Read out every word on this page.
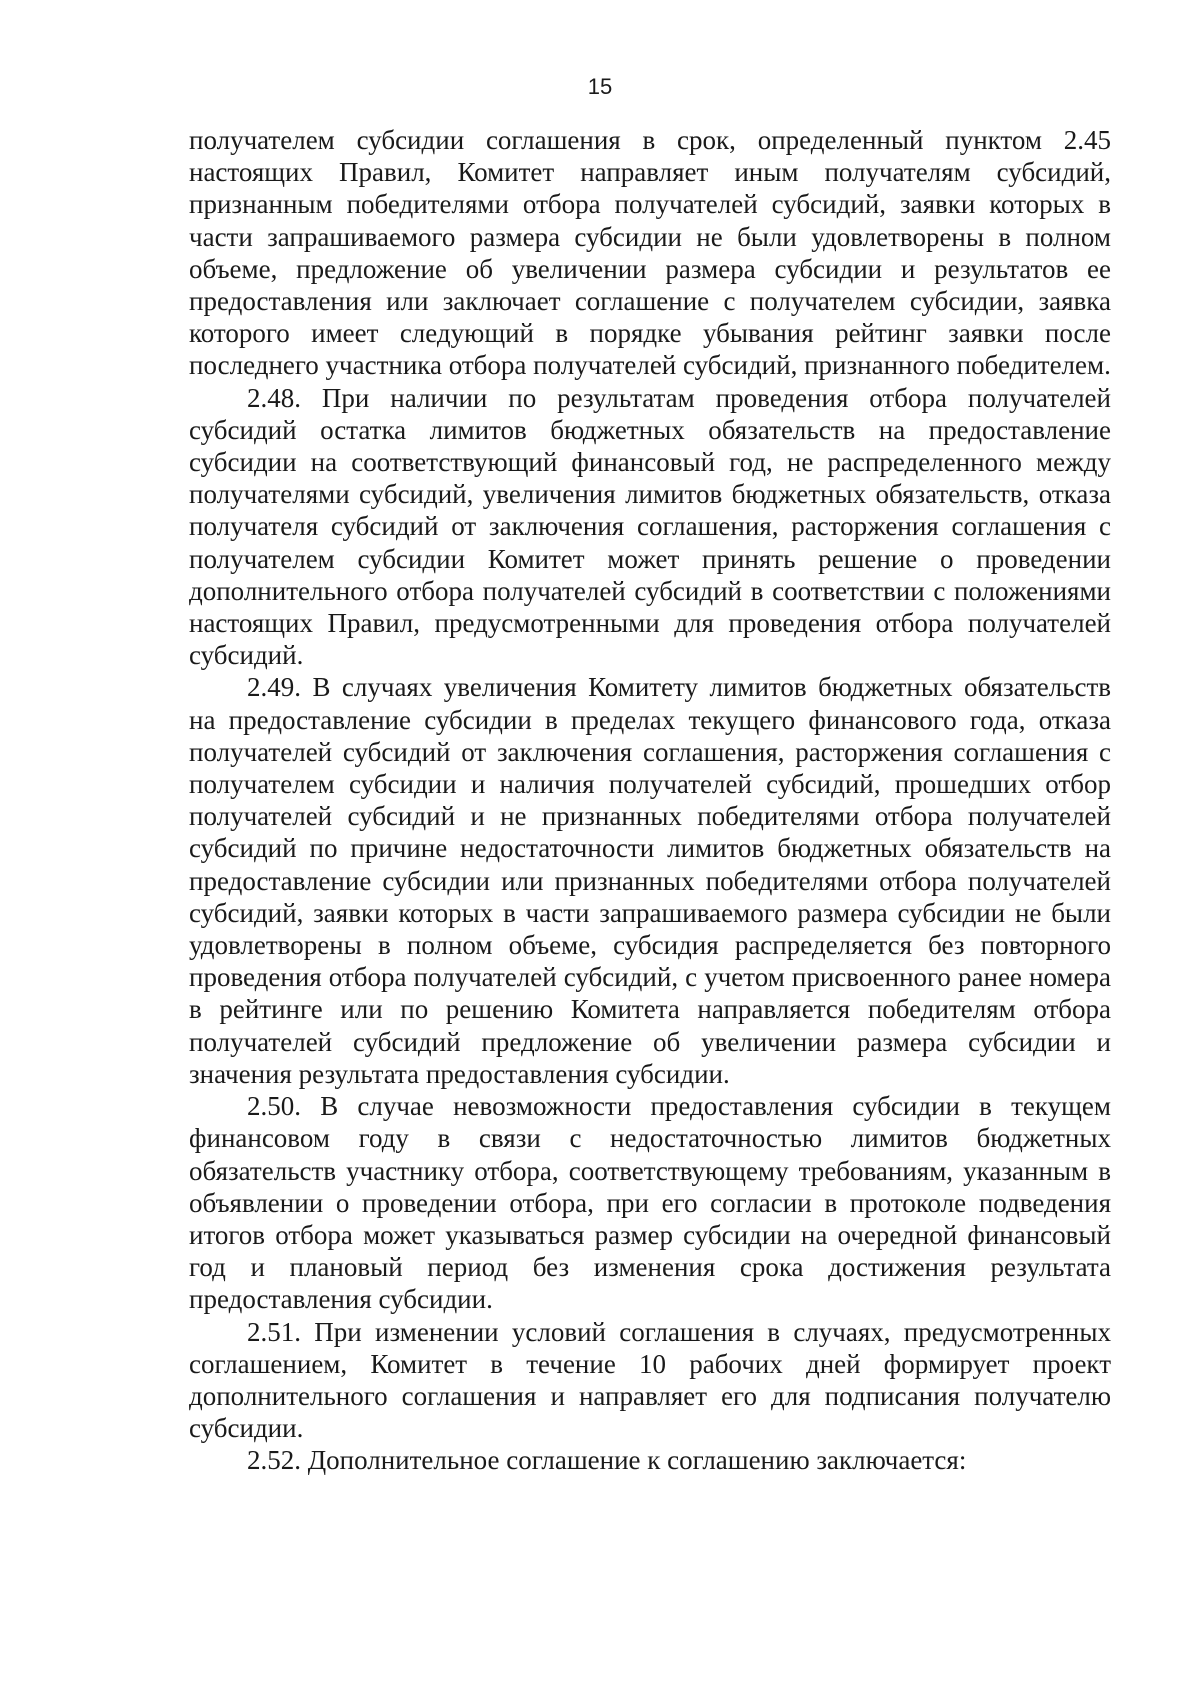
15

получателем субсидии соглашения в срок, определенный пунктом 2.45 настоящих Правил, Комитет направляет иным получателям субсидий, признанным победителями отбора получателей субсидий, заявки которых в части запрашиваемого размера субсидии не были удовлетворены в полном объеме, предложение об увеличении размера субсидии и результатов ее предоставления или заключает соглашение с получателем субсидии, заявка которого имеет следующий в порядке убывания рейтинг заявки после последнего участника отбора получателей субсидий, признанного победителем.

2.48. При наличии по результатам проведения отбора получателей субсидий остатка лимитов бюджетных обязательств на предоставление субсидии на соответствующий финансовый год, не распределенного между получателями субсидий, увеличения лимитов бюджетных обязательств, отказа получателя субсидий от заключения соглашения, расторжения соглашения с получателем субсидии Комитет может принять решение о проведении дополнительного отбора получателей субсидий в соответствии с положениями настоящих Правил, предусмотренными для проведения отбора получателей субсидий.

2.49. В случаях увеличения Комитету лимитов бюджетных обязательств на предоставление субсидии в пределах текущего финансового года, отказа получателей субсидий от заключения соглашения, расторжения соглашения с получателем субсидии и наличия получателей субсидий, прошедших отбор получателей субсидий и не признанных победителями отбора получателей субсидий по причине недостаточности лимитов бюджетных обязательств на предоставление субсидии или признанных победителями отбора получателей субсидий, заявки которых в части запрашиваемого размера субсидии не были удовлетворены в полном объеме, субсидия распределяется без повторного проведения отбора получателей субсидий, с учетом присвоенного ранее номера в рейтинге или по решению Комитета направляется победителям отбора получателей субсидий предложение об увеличении размера субсидии и значения результата предоставления субсидии.

2.50. В случае невозможности предоставления субсидии в текущем финансовом году в связи с недостаточностью лимитов бюджетных обязательств участнику отбора, соответствующему требованиям, указанным в объявлении о проведении отбора, при его согласии в протоколе подведения итогов отбора может указываться размер субсидии на очередной финансовый год и плановый период без изменения срока достижения результата предоставления субсидии.

2.51. При изменении условий соглашения в случаях, предусмотренных соглашением, Комитет в течение 10 рабочих дней формирует проект дополнительного соглашения и направляет его для подписания получателю субсидии.

2.52. Дополнительное соглашение к соглашению заключается:
